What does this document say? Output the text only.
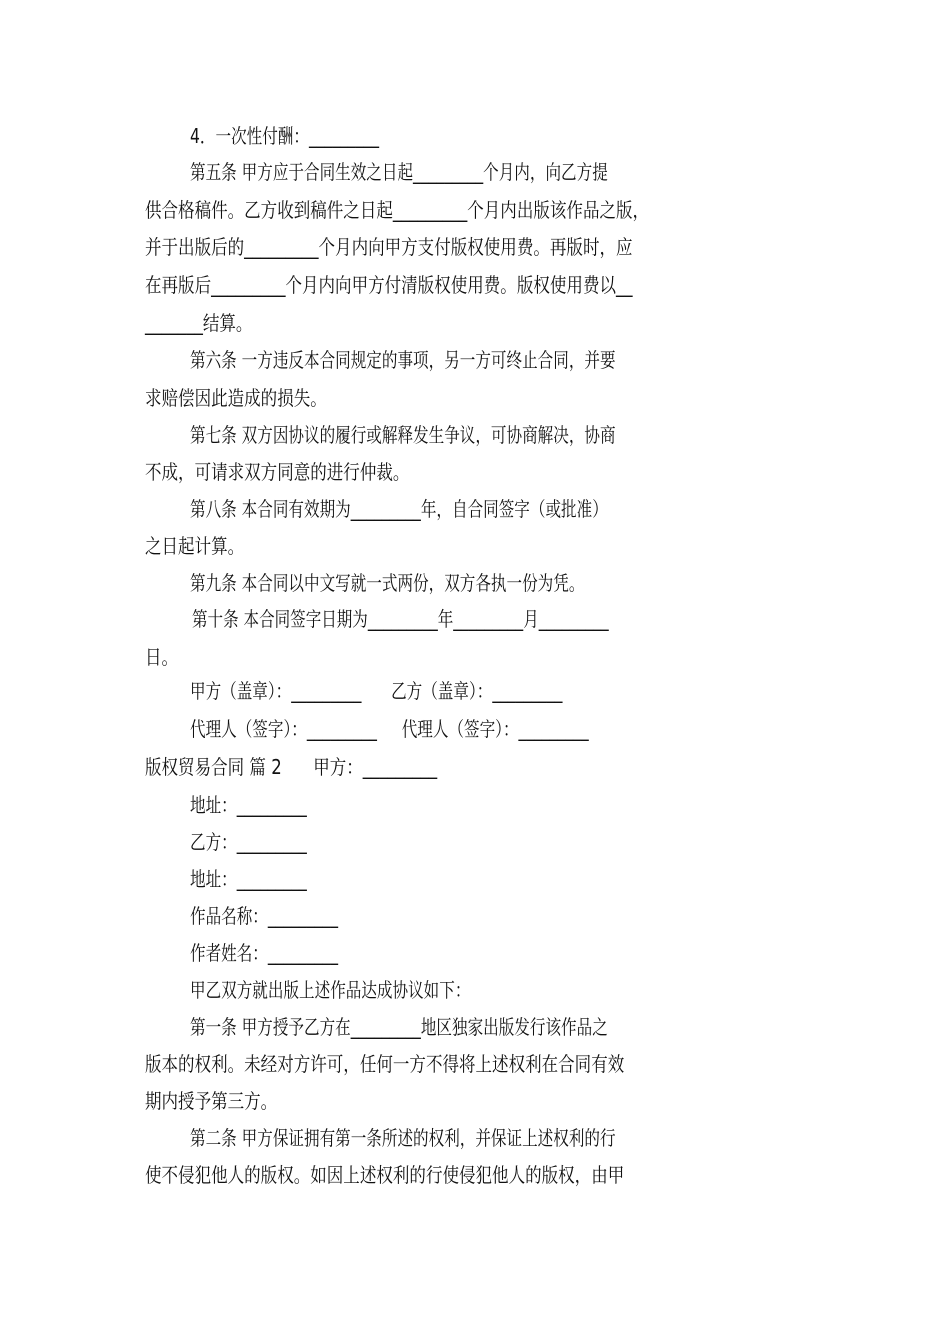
4．一次性付酬：_________
第五条 甲方应于合同生效之日起_________个月内，向乙方提
供合格稿件。乙方收到稿件之日起_________个月内出版该作品之版，
并于出版后的_________个月内向甲方支付版权使用费。再版时，应
在再版后_________个月内向甲方付清版权使用费。版权使用费以__
_______结算。
第六条 一方违反本合同规定的事项，另一方可终止合同，并要
求赔偿因此造成的损失。
第七条 双方因协议的履行或解释发生争议，可协商解决，协商
不成，可请求双方同意的进行仲裁。
第八条 本合同有效期为_________年，自合同签字（或批准）
之日起计算。
第九条 本合同以中文写就一式两份，双方各执一份为凭。
第十条 本合同签字日期为_________年_________月_________
日。
甲方（盖章）：_________      乙方（盖章）：_________
代理人（签字）：_________     代理人（签字）：_________
版权贸易合同 篇 2      甲方：_________
地址：_________
乙方：_________
地址：_________
作品名称：_________
作者姓名：_________
甲乙双方就出版上述作品达成协议如下：
第一条 甲方授予乙方在_________地区独家出版发行该作品之
版本的权利。未经对方许可，任何一方不得将上述权利在合同有效
期内授予第三方。
第二条 甲方保证拥有第一条所述的权利，并保证上述权利的行
使不侵犯他人的版权。如因上述权利的行使侵犯他人的版权，由甲
